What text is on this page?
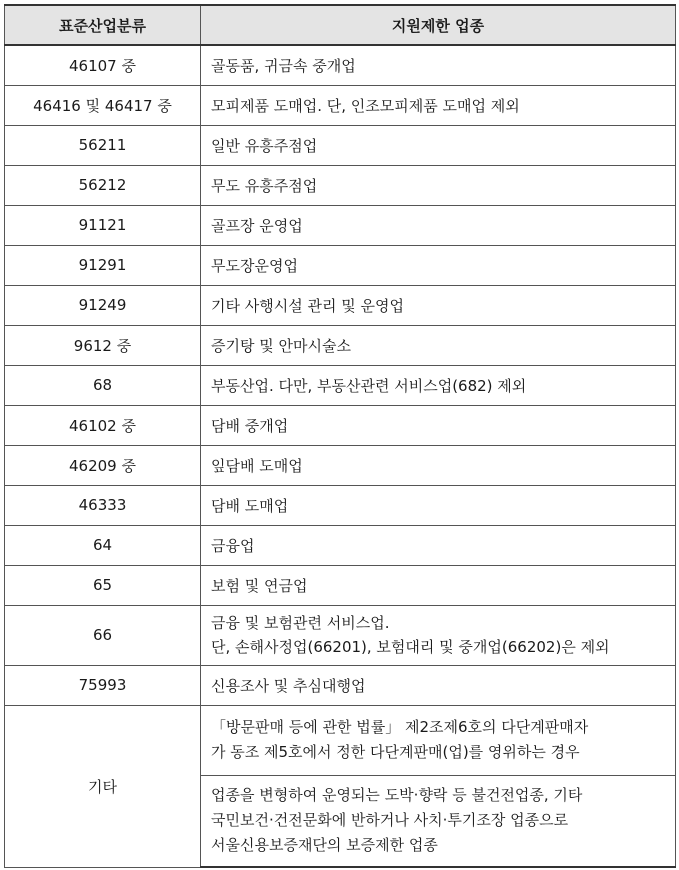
표준산업분류	지원제한 업종
46107 중	골동품, 귀금속 중개업
46416 및 46417 중	모피제품 도매업. 단, 인조모피제품 도매업 제외
56211	일반 유흥주점업
56212	무도 유흥주점업
91121	골프장 운영업
91291	무도장운영업
91249	기타 사행시설 관리 및 운영업
9612 중	증기탕 및 안마시술소
68	부동산업. 다만, 부동산관련 서비스업(682) 제외
46102 중	담배 중개업
46209 중	잎담배 도매업
46333	담배 도매업
64	금융업
65	보험 및 연금업
66	금융 및 보험관련 서비스업.
단, 손해사정업(66201), 보험대리 및 중개업(66202)은 제외

75993	신용조사 및 추심대행업
기타	「방문판매 등에 관한 법률」 제2조제6호의 다단계판매자
가 동조 제5호에서 정한 다단계판매(업)를 영위하는 경우

	업종을 변형하여 운영되는 도박·향락 등 불건전업종, 기타
국민보건·건전문화에 반하거나 사치·투기조장 업종으로
서울신용보증재단의 보증제한 업종
